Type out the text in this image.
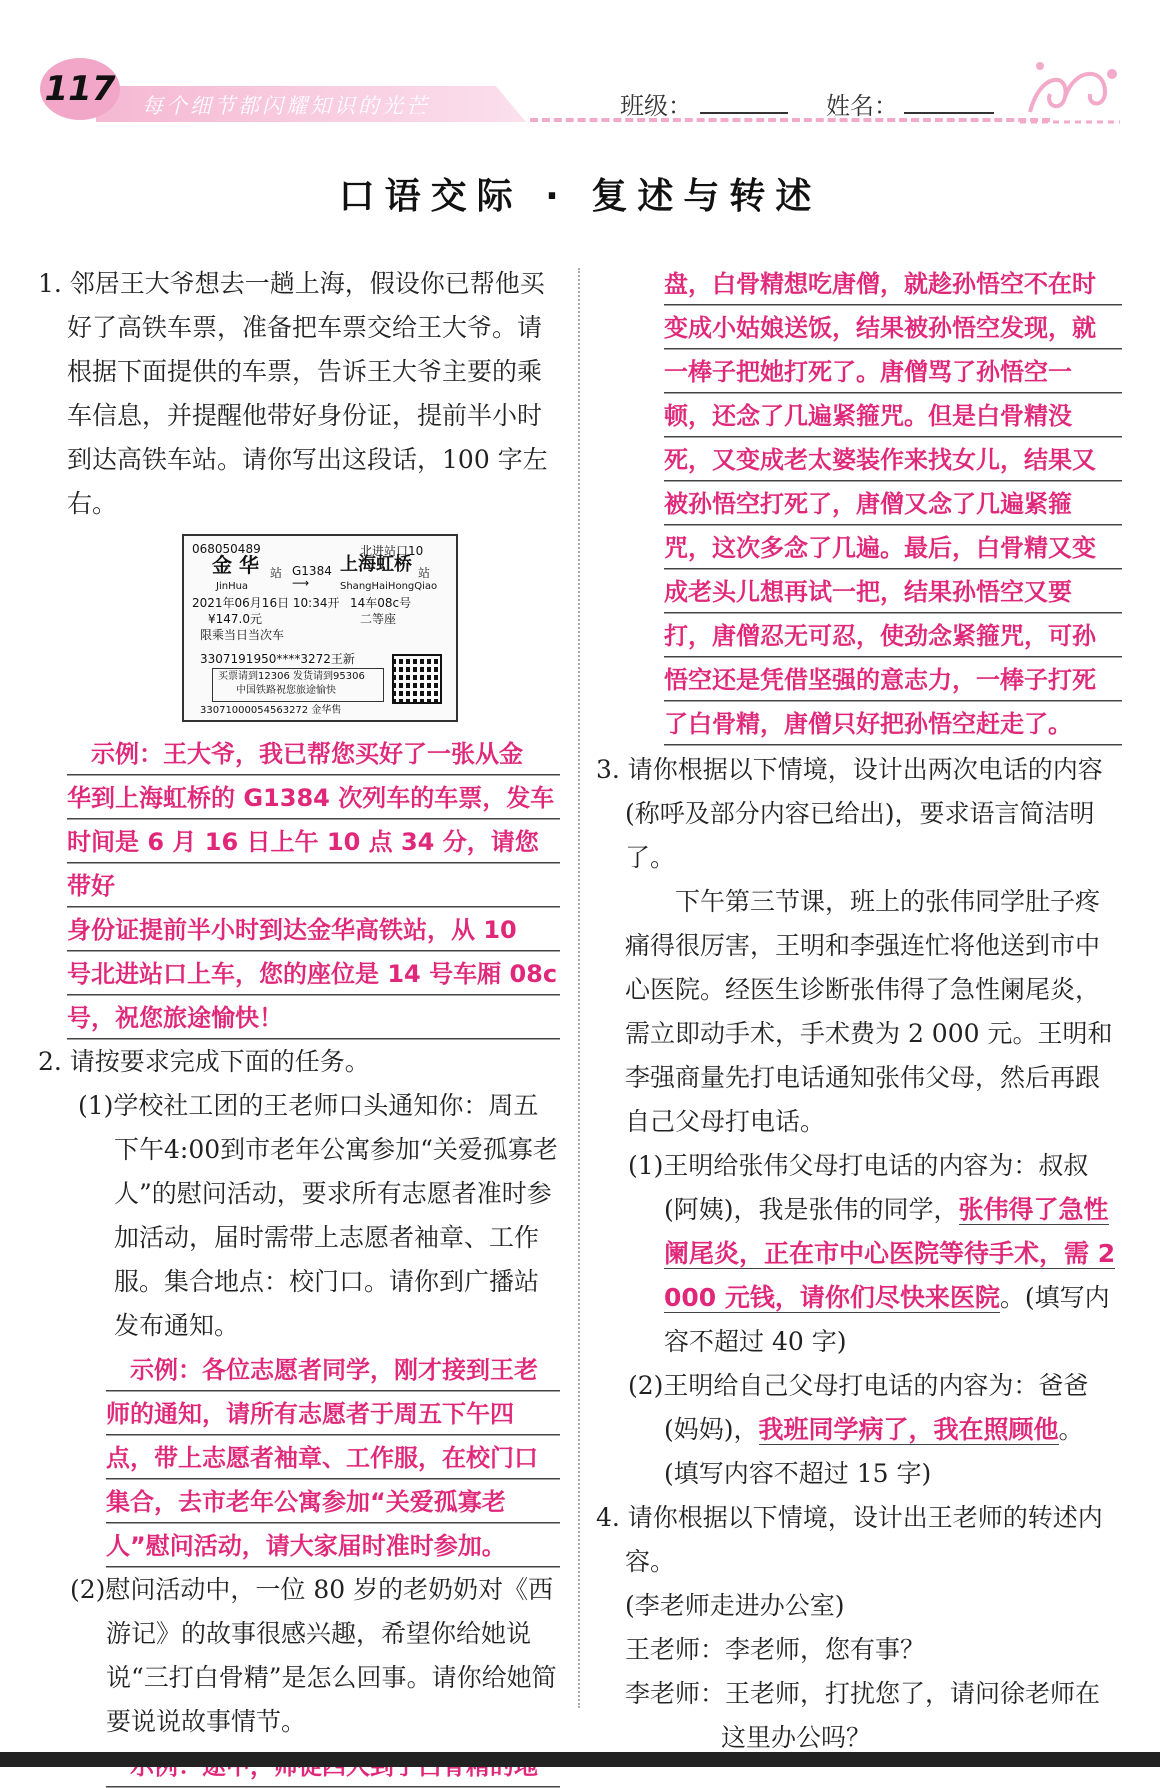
117 每个细节都闪耀知识的光芒	班级：	姓名：
口语交际 · 复述与转述

1. 邻居王大爷想去一趟上海，假设你已帮他买好了高铁车票，准备把车票交给王大爷。请根据下面提供的车票，告诉王大爷主要的乘车信息，并提醒他带好身份证，提前半小时到达高铁车站。请你写出这段话，100 字左右。

068050489	北进站口10
金 华 站
JinHua
G1384
⟶
上海虹桥 站
ShangHaiHongQiao
2021年06月16日 10:34开 14车08c号
¥147.0元	二等座
限乘当日当次车
3307191950****3272王新
买票请到12306 发货请到95306
中国铁路祝您旅途愉快
33071000054563272 金华售
示例：王大爷，我已帮您买好了一张从金
华到上海虹桥的 G1384 次列车的车票，发车
时间是 6 月 16 日上午 10 点 34 分，请您带好
身份证提前半小时到达金华高铁站，从 10
号北进站口上车，您的座位是 14 号车厢 08c
号，祝您旅途愉快！

2. 请按要求完成下面的任务。

(1)学校社工团的王老师口头通知你：周五下午4:00到市老年公寓参加“关爱孤寡老人”的慰问活动，要求所有志愿者准时参加活动，届时需带上志愿者袖章、工作服。集合地点：校门口。请你到广播站发布通知。

示例：各位志愿者同学，刚才接到王老
师的通知，请所有志愿者于周五下午四
点，带上志愿者袖章、工作服，在校门口
集合，去市老年公寓参加“关爱孤寡老
人”慰问活动，请大家届时准时参加。

(2)慰问活动中，一位 80 岁的老奶奶对《西游记》的故事很感兴趣，希望你给她说说“三打白骨精”是怎么回事。请你给她简要说说故事情节。

盘，白骨精想吃唐僧，就趁孙悟空不在时
变成小姑娘送饭，结果被孙悟空发现，就
一棒子把她打死了。唐僧骂了孙悟空一
顿，还念了几遍紧箍咒。但是白骨精没
死，又变成老太婆装作来找女儿，结果又
被孙悟空打死了，唐僧又念了几遍紧箍
咒，这次多念了几遍。最后，白骨精又变
成老头儿想再试一把，结果孙悟空又要
打，唐僧忍无可忍，使劲念紧箍咒，可孙
悟空还是凭借坚强的意志力，一棒子打死
了白骨精，唐僧只好把孙悟空赶走了。

3. 请你根据以下情境，设计出两次电话的内容(称呼及部分内容已给出)，要求语言简洁明了。

下午第三节课，班上的张伟同学肚子疼痛得很厉害，王明和李强连忙将他送到市中心医院。经医生诊断张伟得了急性阑尾炎，需立即动手术，手术费为 2 000 元。王明和李强商量先打电话通知张伟父母，然后再跟自己父母打电话。

(1)王明给张伟父母打电话的内容为：叔叔(阿姨)，我是张伟的同学，张伟得了急性阑尾炎，正在市中心医院等待手术，需 2 000 元钱，请你们尽快来医院。(填写内容不超过 40 字)

(2)王明给自己父母打电话的内容为：爸爸(妈妈)，我班同学病了，我在照顾他。

(填写内容不超过 15 字)

4. 请你根据以下情境，设计出王老师的转述内容。

(李老师走进办公室)

王老师：李老师，您有事？

李老师：王老师，打扰您了，请问徐老师在这里办公吗？
